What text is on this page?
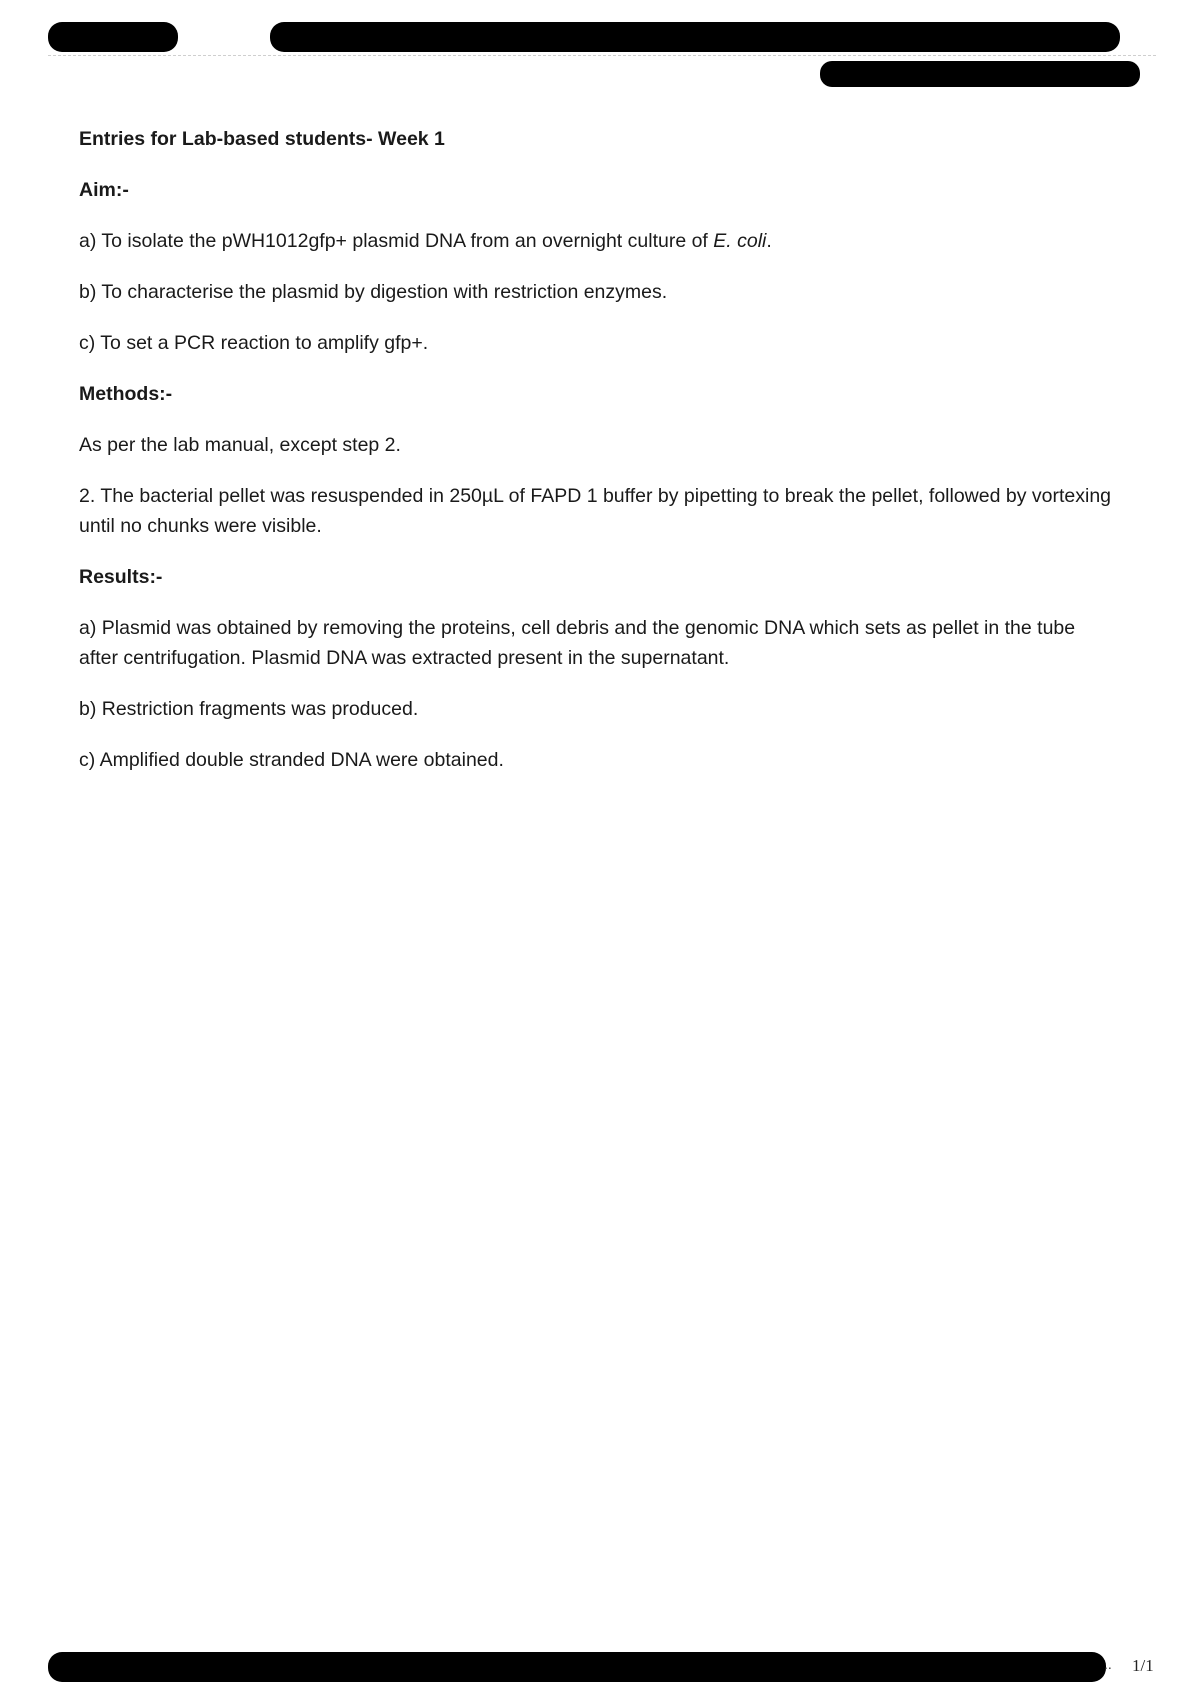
Entries for Lab-based students- Week 1

Aim:-

a) To isolate the pWH1012gfp+ plasmid DNA from an overnight culture of E. coli.

b) To characterise the plasmid by digestion with restriction enzymes.

c) To set a PCR reaction to amplify gfp+.

Methods:-

As per the lab manual, except step 2.

2. The bacterial pellet was resuspended in 250µL of FAPD 1 buffer by pipetting to break the pellet, followed by vortexing until no chunks were visible.

Results:-

a) Plasmid was obtained by removing the proteins, cell debris and the genomic DNA which sets as pellet in the tube after centrifugation. Plasmid DNA was extracted present in the supernatant.

b) Restriction fragments was produced.

c) Amplified double stranded DNA were obtained.

.. 1/1
